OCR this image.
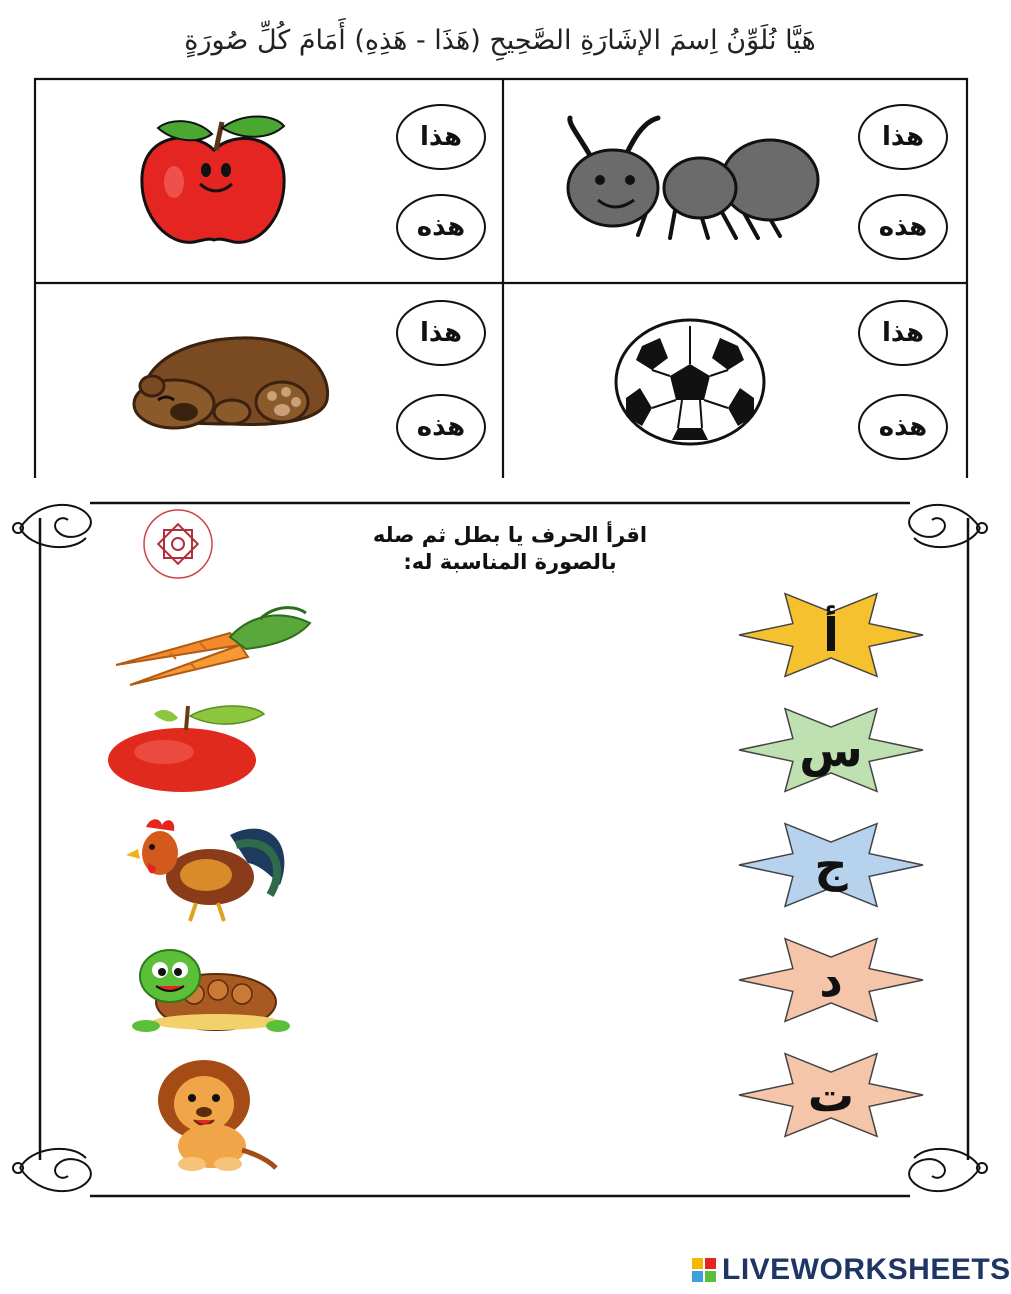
هَيَّا نُلَوِّنُ اِسمَ الإشَارَةِ الصَّحِيحِ (هَذَا - هَذِهِ) أَمَامَ كُلِّ صُورَةٍ
هذا
هذه
هذا
هذه
هذا
هذه
هذا
هذه
اقرأ الحرف يا بطل ثم صله
بالصورة المناسبة له:
أ
س
ج
د
ت
LIVEWORKSHEETS
